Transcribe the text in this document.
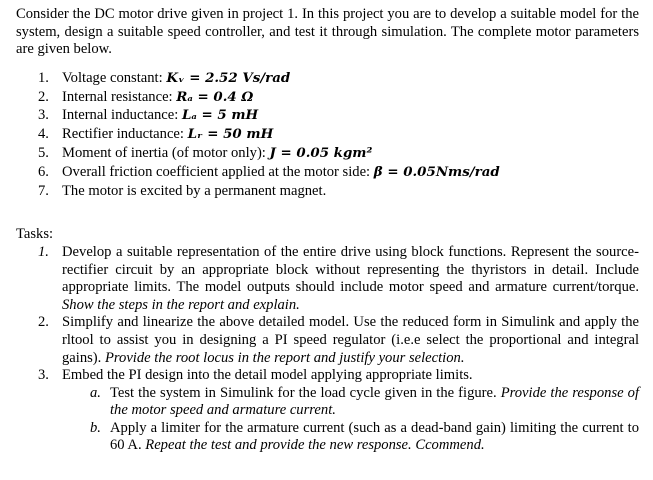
Consider the DC motor drive given in project 1. In this project you are to develop a suitable model for the system, design a suitable speed controller, and test it through simulation. The complete motor parameters are given below.

1. Voltage constant: Kᵥ = 2.52 Vs/rad
2. Internal resistance: Rₐ = 0.4 Ω
3. Internal inductance: Lₐ = 5 mH
4. Rectifier inductance: Lᵣ = 50 mH
5. Moment of inertia (of motor only): J = 0.05 kgm²
6. Overall friction coefficient applied at the motor side: β = 0.05Nms/rad
7. The motor is excited by a permanent magnet.

Tasks:

1. Develop a suitable representation of the entire drive using block functions. Represent the source-rectifier circuit by an appropriate block without representing the thyristors in detail. Include appropriate limits. The model outputs should include motor speed and armature current/torque. Show the steps in the report and explain.
2. Simplify and linearize the above detailed model. Use the reduced form in Simulink and apply the rltool to assist you in designing a PI speed regulator (i.e.e select the proportional and integral gains). Provide the root locus in the report and justify your selection.
3. Embed the PI design into the detail model applying appropriate limits.
a. Test the system in Simulink for the load cycle given in the figure. Provide the response of the motor speed and armature current.
b. Apply a limiter for the armature current (such as a dead-band gain) limiting the current to 60 A. Repeat the test and provide the new response. Ccommend.
